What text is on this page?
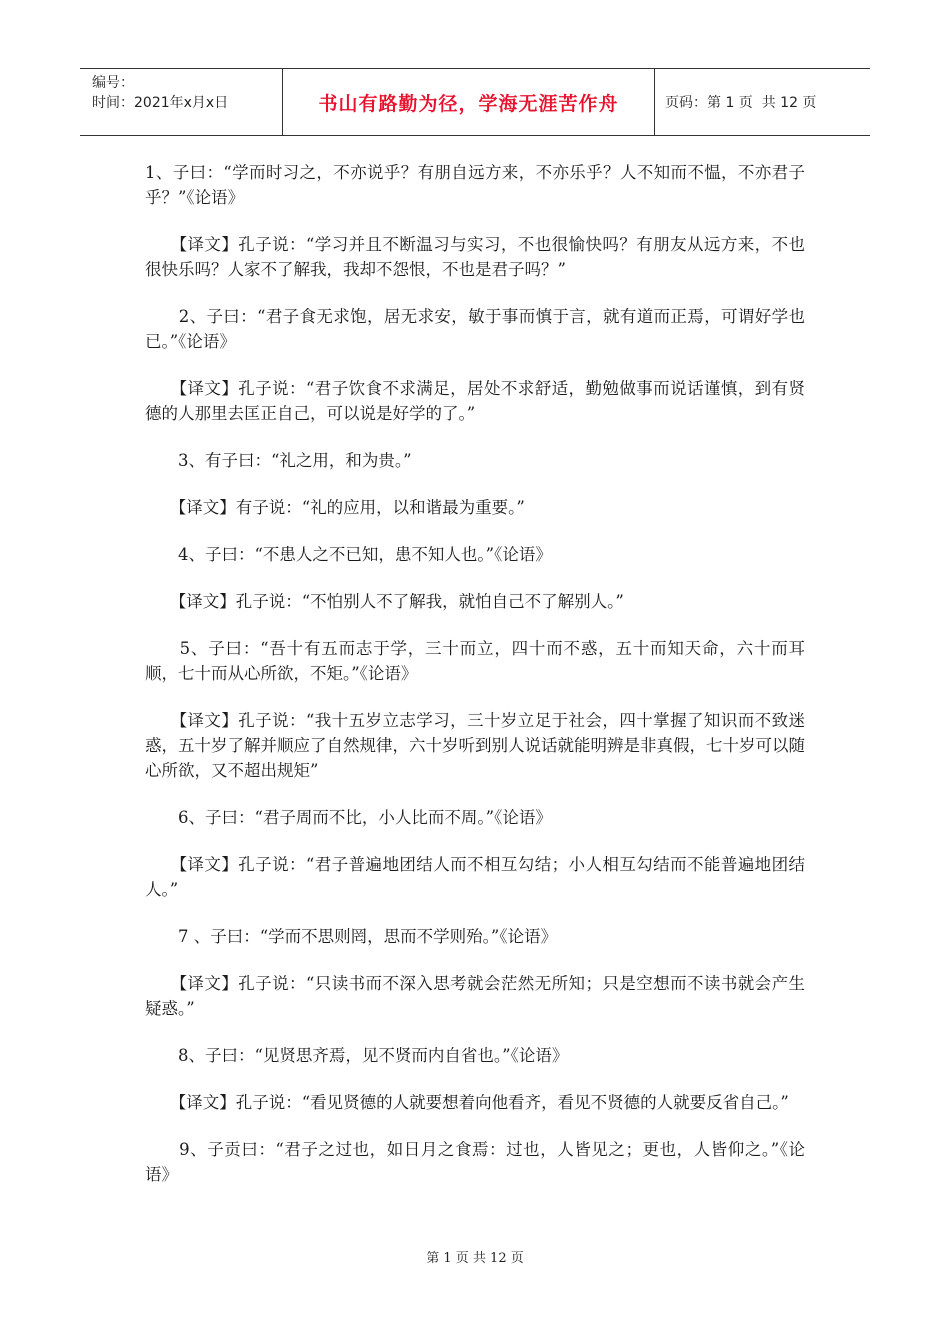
编号：
时间：2021年x月x日	书山有路勤为径，学海无涯苦作舟	页码：第 1 页  共 12 页

1、子曰：“学而时习之，不亦说乎？有朋自远方来，不亦乐乎？人不知而不愠，不亦君子乎？”《论语》

　　【译文】孔子说：“学习并且不断温习与实习，不也很愉快吗？有朋友从远方来，不也很快乐吗？人家不了解我，我却不怨恨，不也是君子吗？”

　　2、子曰：“君子食无求饱，居无求安，敏于事而慎于言，就有道而正焉，可谓好学也已。”《论语》

　　【译文】孔子说：“君子饮食不求满足，居处不求舒适，勤勉做事而说话谨慎，到有贤德的人那里去匡正自己，可以说是好学的了。”

　　3、有子曰：“礼之用，和为贵。”

　　【译文】有子说：“礼的应用，以和谐最为重要。”

　　4、子曰：“不患人之不已知，患不知人也。”《论语》

　　【译文】孔子说：“不怕别人不了解我，就怕自己不了解别人。”

　　5、子曰：“吾十有五而志于学，三十而立，四十而不惑，五十而知天命，六十而耳顺，七十而从心所欲，不矩。”《论语》

　　【译文】孔子说：“我十五岁立志学习，三十岁立足于社会，四十掌握了知识而不致迷惑，五十岁了解并顺应了自然规律，六十岁听到别人说话就能明辨是非真假，七十岁可以随心所欲，又不超出规矩”

　　6、子曰：“君子周而不比，小人比而不周。”《论语》

　　【译文】孔子说：“君子普遍地团结人而不相互勾结；小人相互勾结而不能普遍地团结人。”

　　7 、子曰：“学而不思则罔，思而不学则殆。”《论语》

　　【译文】孔子说：“只读书而不深入思考就会茫然无所知；只是空想而不读书就会产生疑惑。”

　　8、子曰：“见贤思齐焉，见不贤而内自省也。”《论语》

　　【译文】孔子说：“看见贤德的人就要想着向他看齐，看见不贤德的人就要反省自己。”

　　9、子贡曰：“君子之过也，如日月之食焉：过也，人皆见之；更也，人皆仰之。”《论语》

第 1 页 共 12 页
